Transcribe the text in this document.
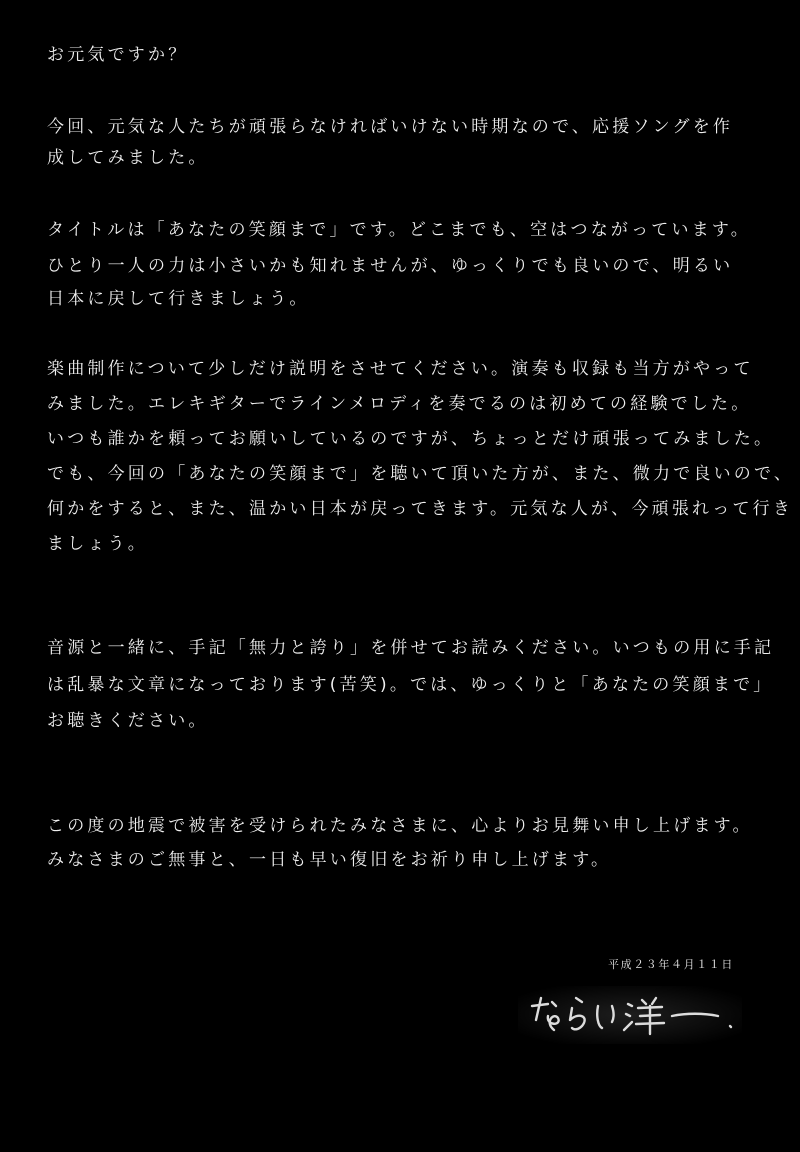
お元気ですか？
今回、元気な人たちが頑張らなければいけない時期なので、応援ソングを作
成してみました。
タイトルは「あなたの笑顔まで」です。どこまでも、空はつながっています。
ひとり一人の力は小さいかも知れませんが、ゆっくりでも良いので、明るい
日本に戻して行きましょう。
楽曲制作について少しだけ説明をさせてください。演奏も収録も当方がやって
みました。エレキギターでラインメロディを奏でるのは初めての経験でした。
いつも誰かを頼ってお願いしているのですが、ちょっとだけ頑張ってみました。
でも、今回の「あなたの笑顔まで」を聴いて頂いた方が、また、微力で良いので、
何かをすると、また、温かい日本が戻ってきます。元気な人が、今頑張れって行き
ましょう。
音源と一緒に、手記「無力と誇り」を併せてお読みください。いつもの用に手記
は乱暴な文章になっております(苦笑)。では、ゆっくりと「あなたの笑顔まで」
お聴きください。
この度の地震で被害を受けられたみなさまに、心よりお見舞い申し上げます。
みなさまのご無事と、一日も早い復旧をお祈り申し上げます。
平成２３年４月１１日
